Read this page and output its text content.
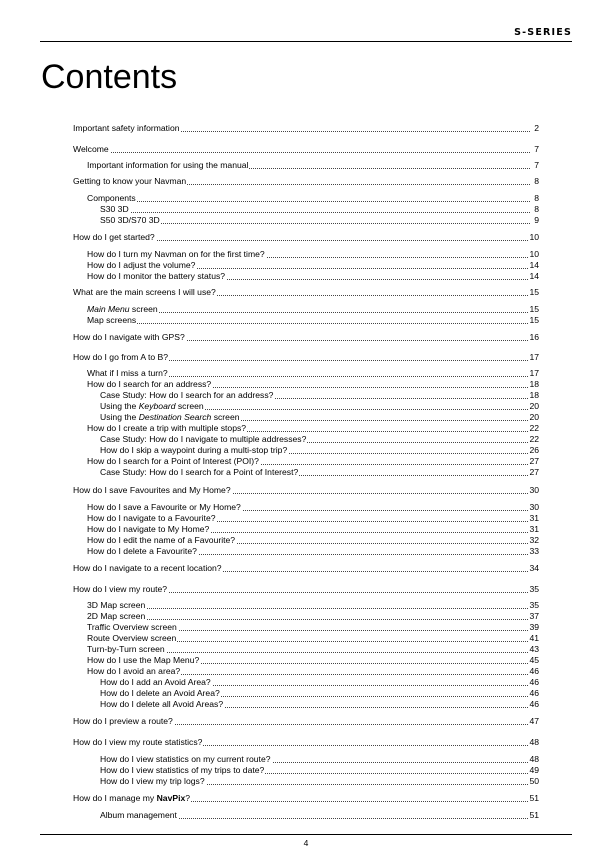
S-SERIES
Contents
Important safety information	2
Welcome	7
Important information for using the manual	7
Getting to know your Navman	8
Components	8
S30 3D	8
S50 3D/S70 3D	9
How do I get started?	10
How do I turn my Navman on for the first time?	10
How do I adjust the volume?	14
How do I monitor the battery status?	14
What are the main screens I will use?	15
Main Menu screen	15
Map screens	15
How do I navigate with GPS?	16
How do I go from A to B?	17
What if I miss a turn?	17
How do I search for an address?	18
Case Study: How do I search for an address?	18
Using the Keyboard screen	20
Using the Destination Search screen	20
How do I create a trip with multiple stops?	22
Case Study: How do I navigate to multiple addresses?	22
How do I skip a waypoint during a multi-stop trip?	26
How do I search for a Point of Interest (POI)?	27
Case Study: How do I search for a Point of Interest?	27
How do I save Favourites and My Home?	30
How do I save a Favourite or My Home?	30
How do I navigate to a Favourite?	31
How do I navigate to My Home?	31
How do I edit the name of a Favourite?	32
How do I delete a Favourite?	33
How do I navigate to a recent location?	34
How do I view my route?	35
3D Map screen	35
2D Map screen	37
Traffic Overview screen	39
Route Overview screen	41
Turn-by-Turn screen	43
How do I use the Map Menu?	45
How do I avoid an area?	46
How do I add an Avoid Area?	46
How do I delete an Avoid Area?	46
How do I delete all Avoid Areas?	46
How do I preview a route?	47
How do I view my route statistics?	48
How do I view statistics on my current route?	48
How do I view statistics of my trips to date?	49
How do I view my trip logs?	50
How do I manage my NavPix?	51
Album management	51
4
